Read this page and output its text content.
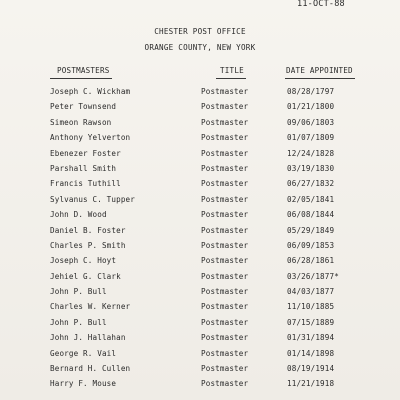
11-OCT-88
CHESTER POST OFFICE
ORANGE COUNTY, NEW YORK
POSTMASTERS	TITLE	DATE APPOINTED
Joseph C. Wickham	Postmaster	08/28/1797
Peter Townsend	Postmaster	01/21/1800
Simeon Rawson	Postmaster	09/06/1803
Anthony Yelverton	Postmaster	01/07/1809
Ebenezer Foster	Postmaster	12/24/1828
Parshall Smith	Postmaster	03/19/1830
Francis Tuthill	Postmaster	06/27/1832
Sylvanus C. Tupper	Postmaster	02/05/1841
John D. Wood	Postmaster	06/08/1844
Daniel B. Foster	Postmaster	05/29/1849
Charles P. Smith	Postmaster	06/09/1853
Joseph C. Hoyt	Postmaster	06/28/1861
Jehiel G. Clark	Postmaster	03/26/1877*
John P. Bull	Postmaster	04/03/1877
Charles W. Kerner	Postmaster	11/10/1885
John P. Bull	Postmaster	07/15/1889
John J. Hallahan	Postmaster	01/31/1894
George R. Vail	Postmaster	01/14/1898
Bernard H. Cullen	Postmaster	08/19/1914
Harry F. Mouse	Postmaster	11/21/1918
